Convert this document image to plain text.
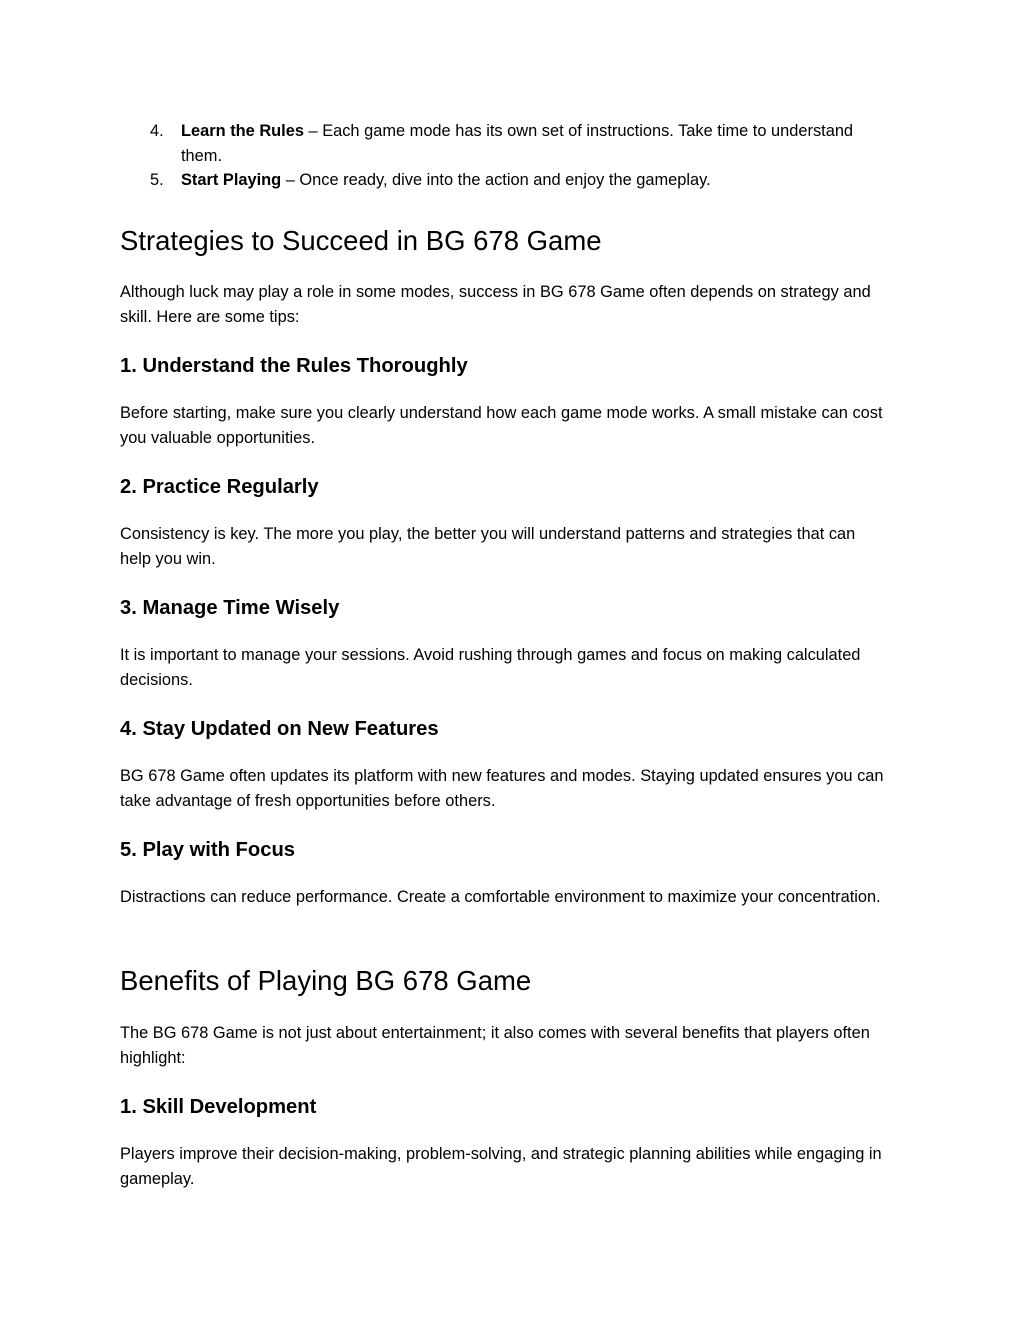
4. Learn the Rules – Each game mode has its own set of instructions. Take time to understand them.
5. Start Playing – Once ready, dive into the action and enjoy the gameplay.
Strategies to Succeed in BG 678 Game

Although luck may play a role in some modes, success in BG 678 Game often depends on strategy and skill. Here are some tips:

1. Understand the Rules Thoroughly

Before starting, make sure you clearly understand how each game mode works. A small mistake can cost you valuable opportunities.

2. Practice Regularly

Consistency is key. The more you play, the better you will understand patterns and strategies that can help you win.

3. Manage Time Wisely

It is important to manage your sessions. Avoid rushing through games and focus on making calculated decisions.

4. Stay Updated on New Features

BG 678 Game often updates its platform with new features and modes. Staying updated ensures you can take advantage of fresh opportunities before others.

5. Play with Focus

Distractions can reduce performance. Create a comfortable environment to maximize your concentration.

Benefits of Playing BG 678 Game

The BG 678 Game is not just about entertainment; it also comes with several benefits that players often highlight:

1. Skill Development

Players improve their decision-making, problem-solving, and strategic planning abilities while engaging in gameplay.
